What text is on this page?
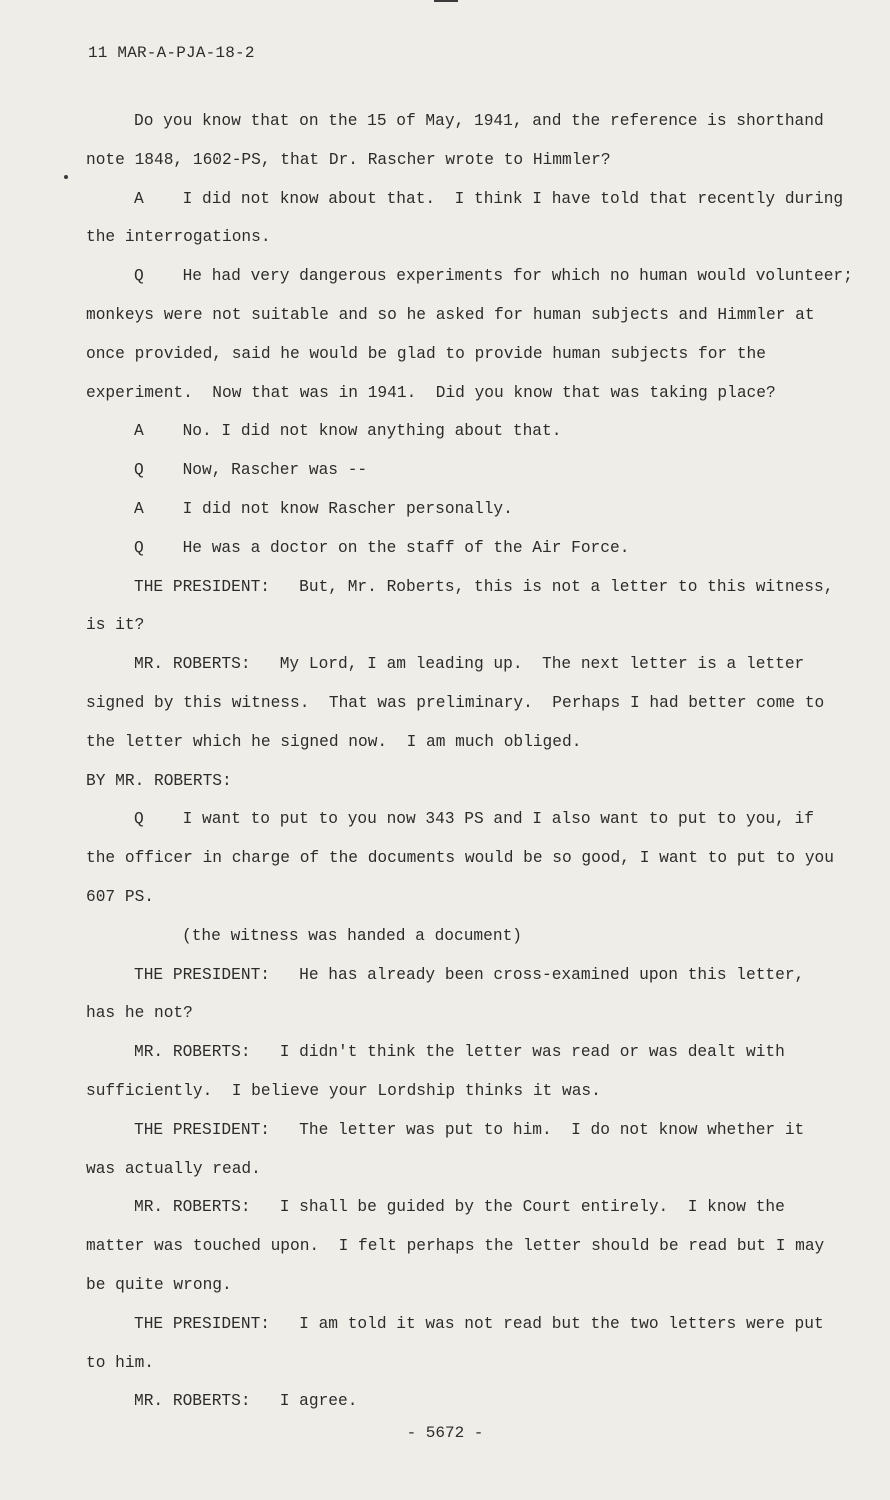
11 MAR-A-PJA-18-2
Do you know that on the 15 of May, 1941, and the reference is shorthand
note 1848, 1602-PS, that Dr. Rascher wrote to Himmler?
A    I did not know about that.  I think I have told that recently during
the interrogations.
Q    He had very dangerous experiments for which no human would volunteer;
monkeys were not suitable and so he asked for human subjects and Himmler at
once provided, said he would be glad to provide human subjects for the
experiment.  Now that was in 1941.  Did you know that was taking place?
A    No. I did not know anything about that.
Q    Now, Rascher was --
A    I did not know Rascher personally.
Q    He was a doctor on the staff of the Air Force.
THE PRESIDENT:   But, Mr. Roberts, this is not a letter to this witness,
is it?
MR. ROBERTS:   My Lord, I am leading up.  The next letter is a letter
signed by this witness.  That was preliminary.  Perhaps I had better come to
the letter which he signed now.  I am much obliged.
BY MR. ROBERTS:
Q    I want to put to you now 343 PS and I also want to put to you, if
the officer in charge of the documents would be so good, I want to put to you
607 PS.
(the witness was handed a document)
THE PRESIDENT:   He has already been cross-examined upon this letter,
has he not?
MR. ROBERTS:   I didn't think the letter was read or was dealt with
sufficiently.  I believe your Lordship thinks it was.
THE PRESIDENT:   The letter was put to him.  I do not know whether it
was actually read.
MR. ROBERTS:   I shall be guided by the Court entirely.  I know the
matter was touched upon.  I felt perhaps the letter should be read but I may
be quite wrong.
THE PRESIDENT:   I am told it was not read but the two letters were put
to him.
MR. ROBERTS:   I agree.
- 5672 -
